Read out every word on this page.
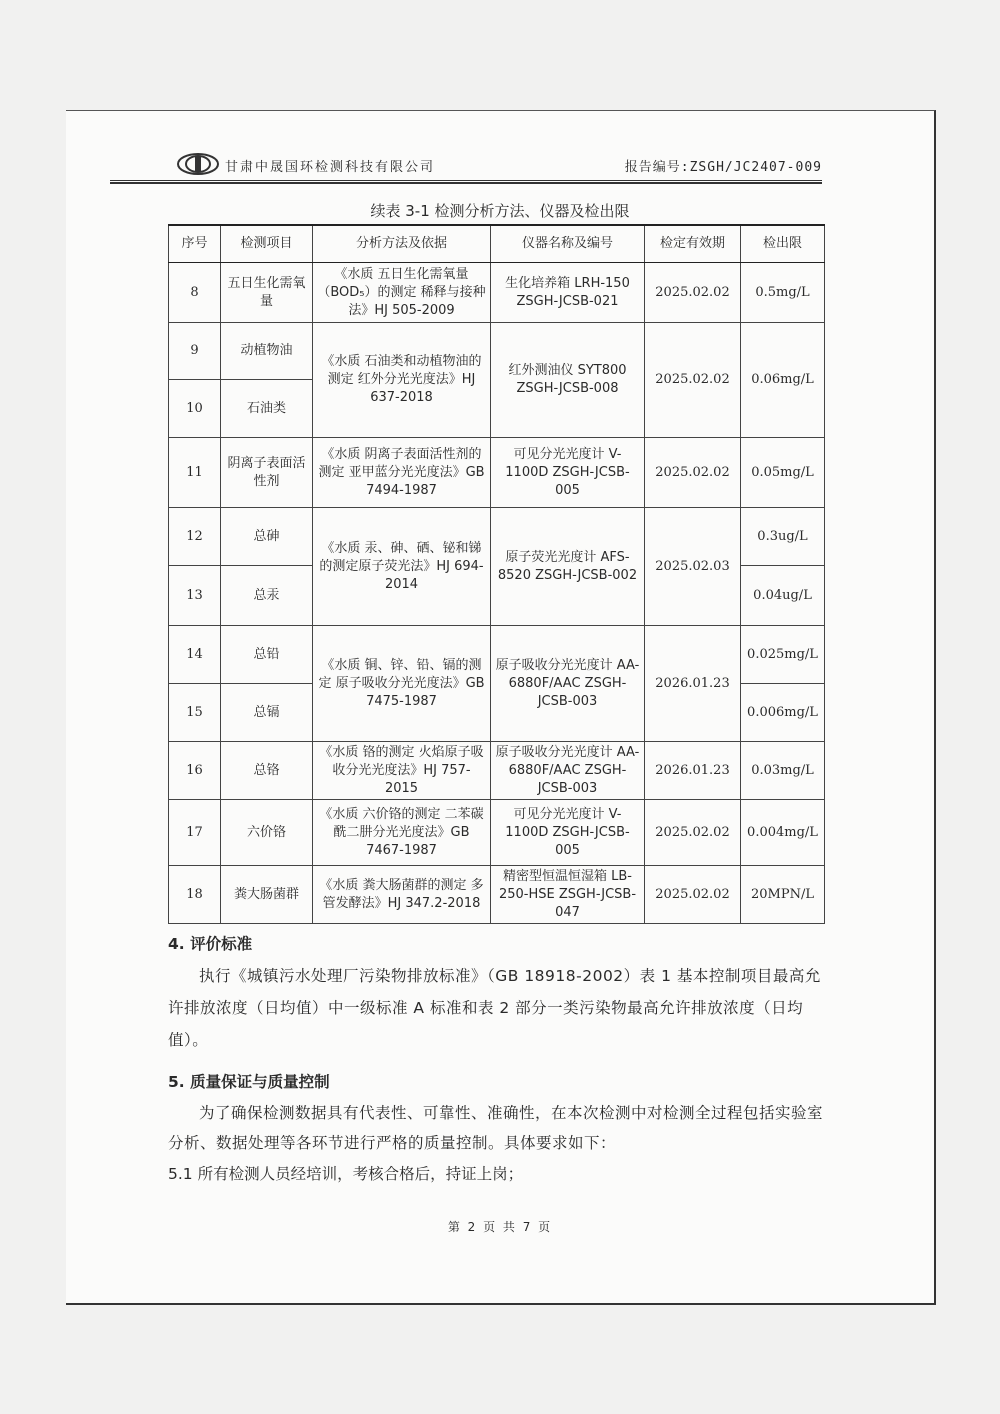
甘肃中晟国环检测科技有限公司	报告编号:ZSGH/JC2407-009
续表 3-1 检测分析方法、仪器及检出限
序号	检测项目	分析方法及依据	仪器名称及编号	检定有效期	检出限
8	五日生化需氧量	《水质 五日生化需氧量（BOD₅）的测定 稀释与接种法》HJ 505-2009	生化培养箱 LRH-150 ZSGH-JCSB-021	2025.02.02	0.5mg/L
9	动植物油	《水质 石油类和动植物油的测定 红外分光光度法》HJ 637-2018	红外测油仪 SYT800 ZSGH-JCSB-008	2025.02.02	0.06mg/L
10	石油类				
11	阴离子表面活性剂	《水质 阴离子表面活性剂的测定 亚甲蓝分光光度法》GB 7494-1987	可见分光光度计 V-1100D ZSGH-JCSB-005	2025.02.02	0.05mg/L
12	总砷	《水质 汞、砷、硒、铋和锑的测定原子荧光法》HJ 694-2014	原子荧光光度计 AFS-8520 ZSGH-JCSB-002	2025.02.03	0.3ug/L
13	总汞				0.04ug/L
14	总铅	《水质 铜、锌、铅、镉的测定 原子吸收分光光度法》GB 7475-1987	原子吸收分光光度计 AA-6880F/AAC ZSGH-JCSB-003	2026.01.23	0.025mg/L
15	总镉				0.006mg/L
16	总铬	《水质 铬的测定 火焰原子吸收分光光度法》HJ 757-2015	原子吸收分光光度计 AA-6880F/AAC ZSGH-JCSB-003	2026.01.23	0.03mg/L
17	六价铬	《水质 六价铬的测定 二苯碳酰二肼分光光度法》GB 7467-1987	可见分光光度计 V-1100D ZSGH-JCSB-005	2025.02.02	0.004mg/L
18	粪大肠菌群	《水质 粪大肠菌群的测定 多管发酵法》HJ 347.2-2018	精密型恒温恒湿箱 LB-250-HSE ZSGH-JCSB-047	2025.02.02	20MPN/L
4. 评价标准
执行《城镇污水处理厂污染物排放标准》（GB 18918-2002）表 1 基本控制项目最高允许排放浓度（日均值）中一级标准 A 标准和表 2 部分一类污染物最高允许排放浓度（日均值）。
5. 质量保证与质量控制
为了确保检测数据具有代表性、可靠性、准确性，在本次检测中对检测全过程包括实验室分析、数据处理等各环节进行严格的质量控制。具体要求如下：
5.1 所有检测人员经培训，考核合格后，持证上岗；
第 2 页 共 7 页
